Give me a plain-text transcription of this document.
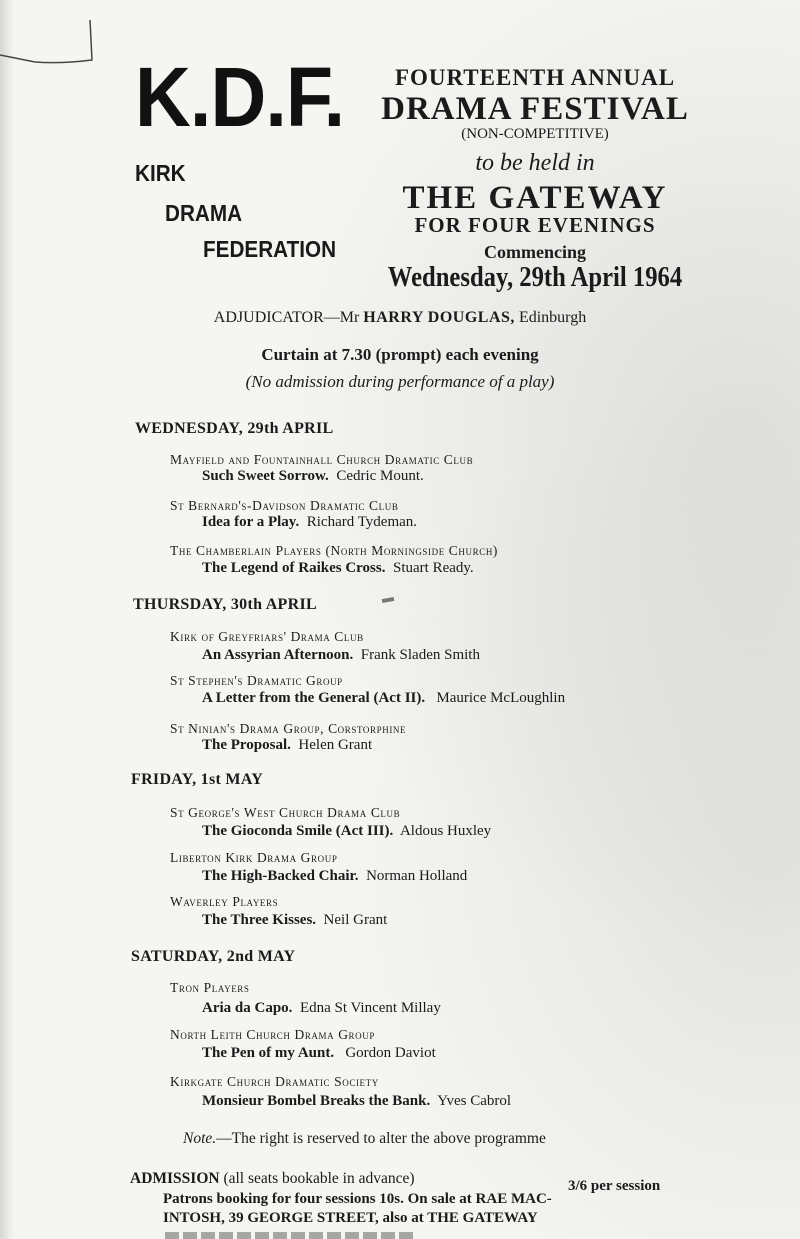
K.D.F.
KIRK
DRAMA
FEDERATION
FOURTEENTH ANNUAL
DRAMA FESTIVAL
(NON-COMPETITIVE)
to be held in
THE GATEWAY
FOR FOUR EVENINGS
Commencing
Wednesday, 29th April 1964
ADJUDICATOR—Mr HARRY DOUGLAS, Edinburgh
Curtain at 7.30 (prompt) each evening
(No admission during performance of a play)
WEDNESDAY, 29th APRIL
Mayfield and Fountainhall Church Dramatic Club
Such Sweet Sorrow. Cedric Mount.
St Bernard's-Davidson Dramatic Club
Idea for a Play. Richard Tydeman.
The Chamberlain Players (North Morningside Church)
The Legend of Raikes Cross. Stuart Ready.
THURSDAY, 30th APRIL
Kirk of Greyfriars' Drama Club
An Assyrian Afternoon. Frank Sladen Smith
St Stephen's Dramatic Group
A Letter from the General (Act II). Maurice McLoughlin
St Ninian's Drama Group, Corstorphine
The Proposal. Helen Grant
FRIDAY, 1st MAY
St George's West Church Drama Club
The Gioconda Smile (Act III). Aldous Huxley
Liberton Kirk Drama Group
The High-Backed Chair. Norman Holland
Waverley Players
The Three Kisses. Neil Grant
SATURDAY, 2nd MAY
Tron Players
Aria da Capo. Edna St Vincent Millay
North Leith Church Drama Group
The Pen of my Aunt. Gordon Daviot
Kirkgate Church Dramatic Society
Monsieur Bombel Breaks the Bank. Yves Cabrol
Note.—The right is reserved to alter the above programme
ADMISSION (all seats bookable in advance)	3/6 per session
Patrons booking for four sessions 10s. On sale at RAE MAC-
INTOSH, 39 GEORGE STREET, also at THE GATEWAY
